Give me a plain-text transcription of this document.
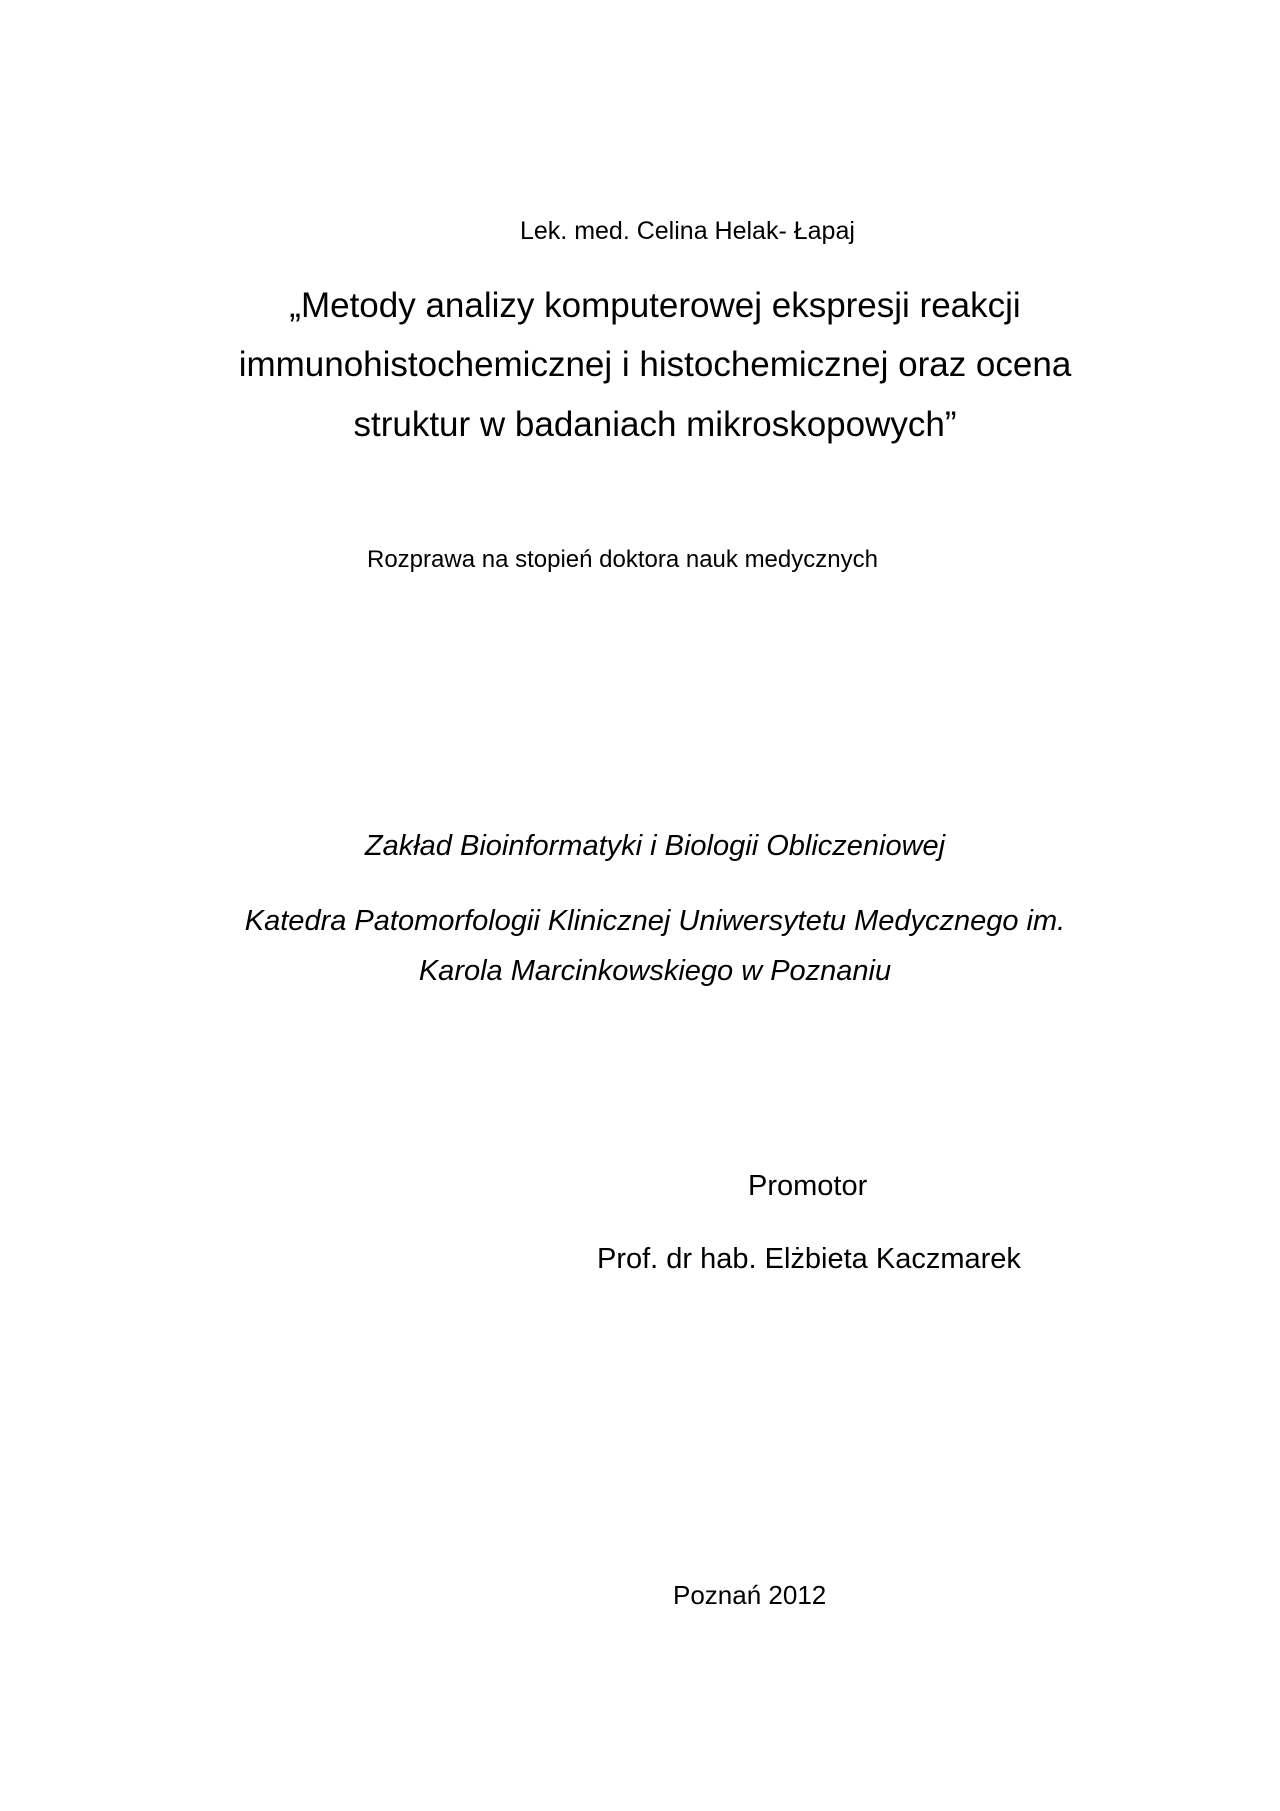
Lek. med. Celina Helak- Łapaj
„Metody analizy komputerowej ekspresji reakcji
immunohistochemicznej i histochemicznej oraz ocena
struktur w badaniach mikroskopowych”
Rozprawa na stopień doktora nauk medycznych
Zakład Bioinformatyki i Biologii Obliczeniowej
Katedra Patomorfologii Klinicznej Uniwersytetu Medycznego im.
Karola Marcinkowskiego w Poznaniu
Promotor
Prof. dr hab. Elżbieta Kaczmarek
Poznań 2012
